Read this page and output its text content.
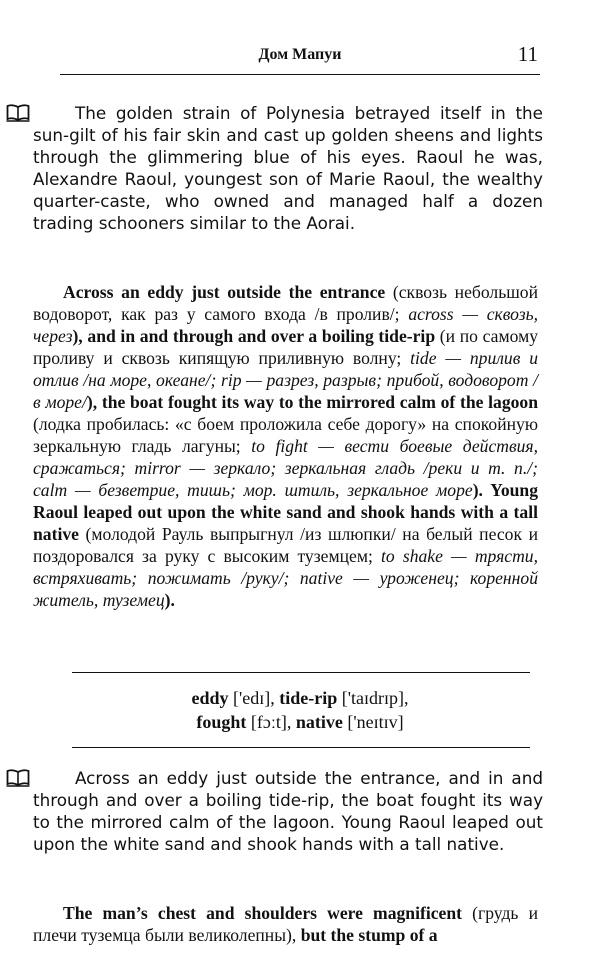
Дом Мапуи	11
The golden strain of Polynesia betrayed itself in the sun-gilt of his fair skin and cast up golden sheens and lights through the glimmering blue of his eyes. Raoul he was, Alexandre Raoul, youngest son of Marie Raoul, the wealthy quarter-caste, who owned and managed half a dozen trading schooners similar to the Aorai.
Across an eddy just outside the entrance (сквозь небольшой водоворот, как раз у самого входа /в пролив/; across — сквозь, через), and in and through and over a boiling tide-rip (и по самому проливу и сквозь кипящую приливную волну; tide — прилив и отлив /на море, океане/; rip — разрез, разрыв; прибой, водоворот /в море/), the boat fought its way to the mirrored calm of the lagoon (лодка пробилась: «с боем проложила себе дорогу» на спокойную зеркальную гладь лагуны; to fight — вести боевые действия, сражаться; mirror — зеркало; зеркальная гладь /реки и т. п./; calm — безветрие, тишь; мор. штиль, зеркальное море). Young Raoul leaped out upon the white sand and shook hands with a tall native (молодой Рауль выпрыгнул /из шлюпки/ на белый песок и поздоровался за руку с высоким туземцем; to shake — трясти, встряхивать; пожимать /руку/; native — уроженец; коренной житель, туземец).
eddy ['edɪ], tide-rip ['taɪdrɪp],
fought [fɔːt], native ['neɪtɪv]
Across an eddy just outside the entrance, and in and through and over a boiling tide-rip, the boat fought its way to the mirrored calm of the lagoon. Young Raoul leaped out upon the white sand and shook hands with a tall native.
The man’s chest and shoulders were magnificent (грудь и плечи туземца были великолепны), but the stump of a
